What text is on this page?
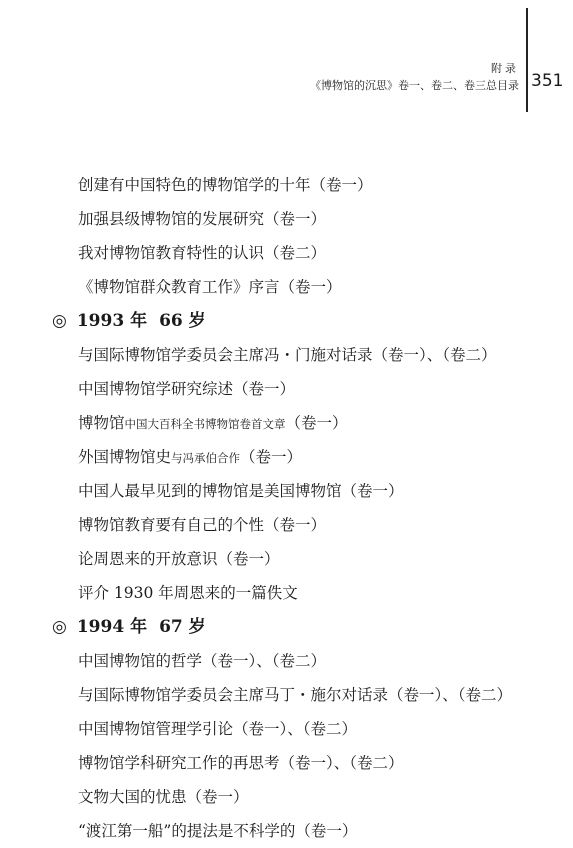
附录
《博物馆的沉思》卷一、卷二、卷三总目录 351
创建有中国特色的博物馆学的十年（卷一）
加强县级博物馆的发展研究（卷一）
我对博物馆教育特性的认识（卷二）
《博物馆群众教育工作》序言（卷一）
◎ 1993 年 66 岁
与国际博物馆学委员会主席冯・门施对话录（卷一）、（卷二）
中国博物馆学研究综述（卷一）
博物馆中国大百科全书博物馆卷首文章（卷一）
外国博物馆史与冯承伯合作（卷一）
中国人最早见到的博物馆是美国博物馆（卷一）
博物馆教育要有自己的个性（卷一）
论周恩来的开放意识（卷一）
评介 1930 年周恩来的一篇佚文
◎ 1994 年 67 岁
中国博物馆的哲学（卷一）、（卷二）
与国际博物馆学委员会主席马丁・施尔对话录（卷一）、（卷二）
中国博物馆管理学引论（卷一）、（卷二）
博物馆学科研究工作的再思考（卷一）、（卷二）
文物大国的忧患（卷一）
“渡江第一船”的提法是不科学的（卷一）
